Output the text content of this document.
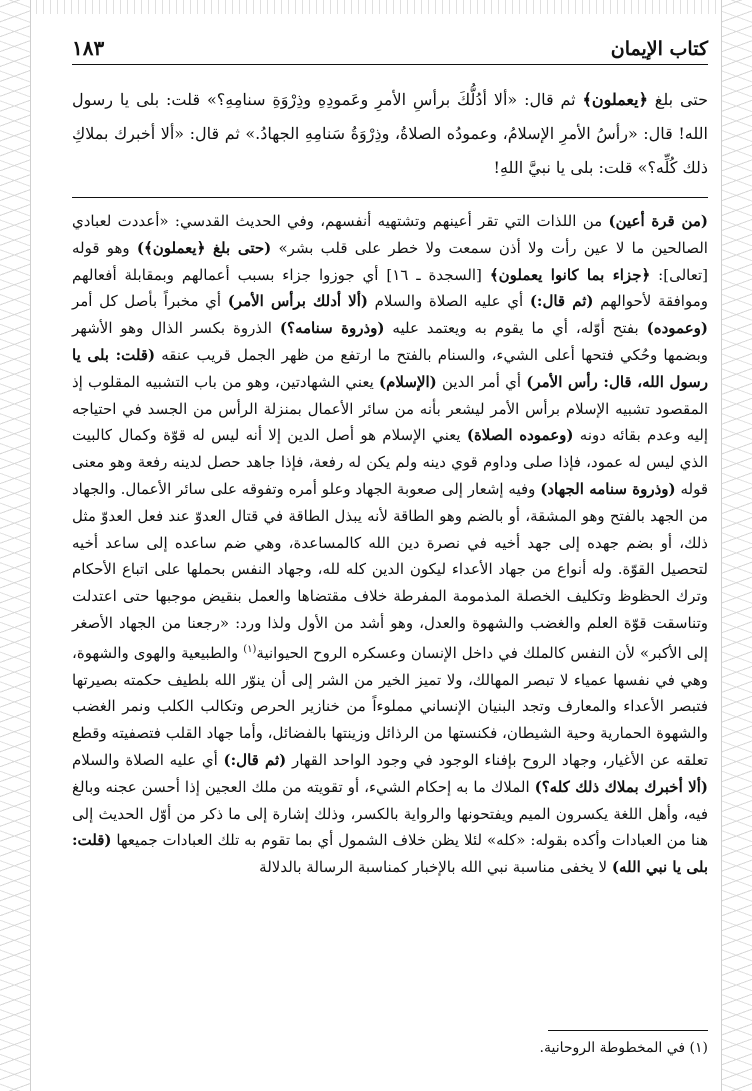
كتاب الإيمان
١٨٣

حتى بلغ ﴿يعملون﴾ ثم قال: «ألا أدُلُّكَ برأسِ الأمرِ وعَمودِهِ وذِرْوَةِ سنامِهِ؟» قلت: بلى يا رسول الله! قال: «رأسُ الأمرِ الإسلامُ، وعمودُه الصلاةُ، وذِرْوَةُ سَنامِهِ الجهادُ.» ثم قال: «ألا أخبرك بملاكِ ذلك كُلِّه؟» قلت: بلى يا نبيَّ اللهِ!

(من قرة أعين) من اللذات التي تقر أعينهم وتشتهيه أنفسهم، وفي الحديث القدسي: «أعددت لعبادي الصالحين ما لا عين رأت ولا أذن سمعت ولا خطر على قلب بشر» (حتى بلغ ﴿يعملون﴾) وهو قوله [تعالى]: ﴿جزاء بما كانوا يعملون﴾ [السجدة ـ ١٦] أي جوزوا جزاء بسبب أعمالهم وبمقابلة أفعالهم وموافقة لأحوالهم (ثم قال:) أي عليه الصلاة والسلام (ألا أدلك برأس الأمر) أي مخبراً بأصل كل أمر (وعموده) بفتح أوّله، أي ما يقوم به ويعتمد عليه (وذروة سنامه؟) الذروة بكسر الذال وهو الأشهر وبضمها وحُكي فتحها أعلى الشيء، والسنام بالفتح ما ارتفع من ظهر الجمل قريب عنقه (قلت: بلى يا رسول الله، قال: رأس الأمر) أي أمر الدين (الإسلام) يعني الشهادتين، وهو من باب التشبيه المقلوب إذ المقصود تشبيه الإسلام برأس الأمر ليشعر بأنه من سائر الأعمال بمنزلة الرأس من الجسد في احتياجه إليه وعدم بقائه دونه (وعموده الصلاة) يعني الإسلام هو أصل الدين إلا أنه ليس له قوّة وكمال كالبيت الذي ليس له عمود، فإذا صلى وداوم قوي دينه ولم يكن له رفعة، فإذا جاهد حصل لدينه رفعة وهو معنى قوله (وذروة سنامه الجهاد) وفيه إشعار إلى صعوبة الجهاد وعلو أمره وتفوقه على سائر الأعمال. والجهاد من الجهد بالفتح وهو المشقة، أو بالضم وهو الطاقة لأنه يبذل الطاقة في قتال العدوّ عند فعل العدوّ مثل ذلك، أو بضم جهده إلى جهد أخيه في نصرة دين الله كالمساعدة، وهي ضم ساعده إلى ساعد أخيه لتحصيل القوّة. وله أنواع من جهاد الأعداء ليكون الدين كله لله، وجهاد النفس بحملها على اتباع الأحكام وترك الحظوظ وتكليف الخصلة المذمومة المفرطة خلاف مقتضاها والعمل بنقيض موجبها حتى اعتدلت وتناسقت قوّة العلم والغضب والشهوة والعدل، وهو أشد من الأول ولذا ورد: «رجعنا من الجهاد الأصغر إلى الأكبر» لأن النفس كالملك في داخل الإنسان وعسكره الروح الحيوانية$^{(١)}$ والطبيعية والهوى والشهوة، وهي في نفسها عمياء لا تبصر المهالك، ولا تميز الخير من الشر إلى أن ينوّر الله بلطيف حكمته بصيرتها فتبصر الأعداء والمعارف وتجد البنيان الإنساني مملوءاً من خنازير الحرص وتكالب الكلب ونمر الغضب والشهوة الحمارية وحية الشيطان، فكنستها من الرذائل وزينتها بالفضائل، وأما جهاد القلب فتصفيته وقطع تعلقه عن الأغيار، وجهاد الروح بإفناء الوجود في وجود الواحد القهار (ثم قال:) أي عليه الصلاة والسلام (ألا أخبرك بملاك ذلك كله؟) الملاك ما به إحكام الشيء، أو تقويته من ملك العجين إذا أحسن عجنه وبالغ فيه، وأهل اللغة يكسرون الميم ويفتحونها والرواية بالكسر، وذلك إشارة إلى ما ذكر من أوّل الحديث إلى هنا من العبادات وأكده بقوله: «كله» لئلا يظن خلاف الشمول أي بما تقوم به تلك العبادات جميعها (قلت: بلى يا نبي الله) لا يخفى مناسبة نبي الله بالإخبار كمناسبة الرسالة بالدلالة

(١) في المخطوطة الروحانية.
